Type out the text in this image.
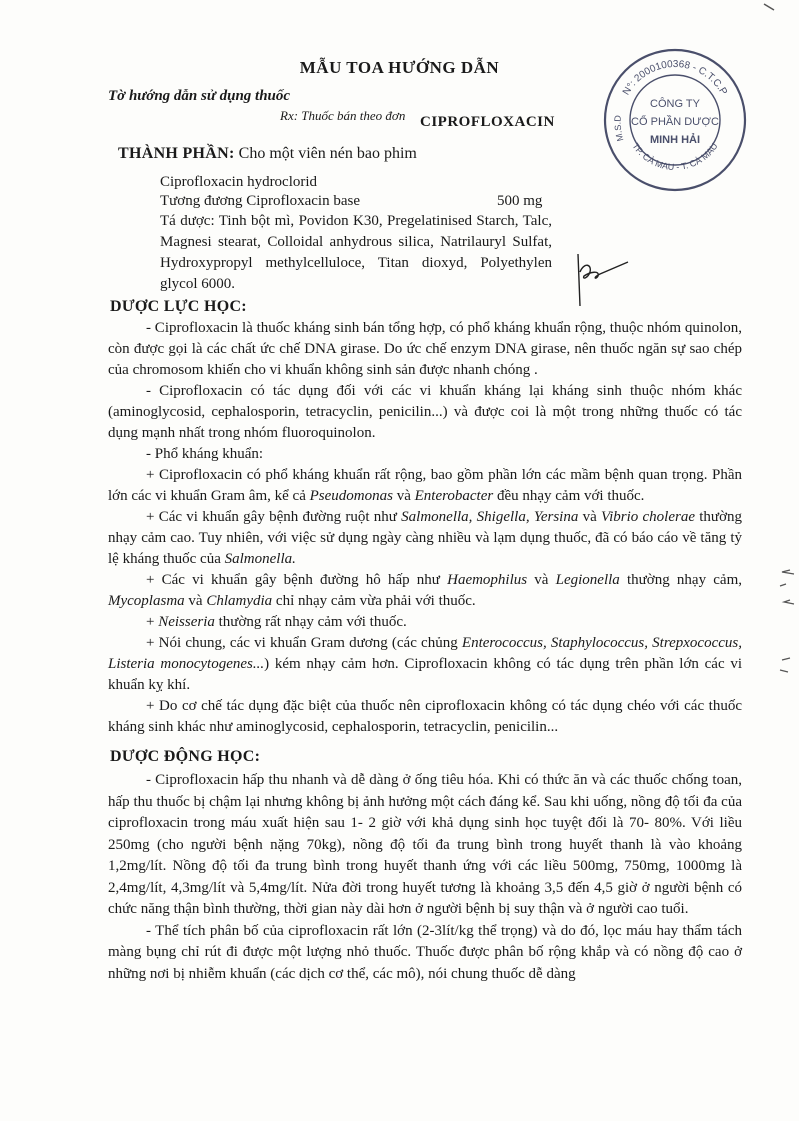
MẪU TOA HƯỚNG DẪN
Tờ hướng dẫn sử dụng thuốc
Rx: Thuốc bán theo đơn CIPROFLOXACIN
N°: 2000100368 - C.T.C.P
M.S.D
TP. CÀ MAU - T. CÀ MAU
CÔNG TY
CỔ PHẦN DƯỢC
MINH HẢI
THÀNH PHẦN: Cho một viên nén bao phim
Ciprofloxacin hydroclorid
Tương đương Ciprofloxacin base	500 mg

Tá dược: Tinh bột mì, Povidon K30, Pregelatinised Starch, Talc, Magnesi stearat, Colloidal anhydrous silica, Natrilauryl Sulfat, Hydroxypropyl methylcelluloce, Titan dioxyd, Polyethylen glycol 6000.

DƯỢC LỰC HỌC:

- Ciprofloxacin là thuốc kháng sinh bán tổng hợp, có phổ kháng khuẩn rộng, thuộc nhóm quinolon, còn được gọi là các chất ức chế DNA girase. Do ức chế enzym DNA girase, nên thuốc ngăn sự sao chép của chromosom khiến cho vi khuẩn không sinh sản được nhanh chóng .

- Ciprofloxacin có tác dụng đối với các vi khuẩn kháng lại kháng sinh thuộc nhóm khác (aminoglycosid, cephalosporin, tetracyclin, penicilin...) và được coi là một trong những thuốc có tác dụng mạnh nhất trong nhóm fluoroquinolon.

- Phổ kháng khuẩn:

+ Ciprofloxacin có phổ kháng khuẩn rất rộng, bao gồm phần lớn các mầm bệnh quan trọng. Phần lớn các vi khuẩn Gram âm, kể cả Pseudomonas và Enterobacter đều nhạy cảm với thuốc.

+ Các vi khuẩn gây bệnh đường ruột như Salmonella, Shigella, Yersina và Vibrio cholerae thường nhạy cảm cao. Tuy nhiên, với việc sử dụng ngày càng nhiều và lạm dụng thuốc, đã có báo cáo về tăng tỷ lệ kháng thuốc của Salmonella.

+ Các vi khuẩn gây bệnh đường hô hấp như Haemophilus và Legionella thường nhạy cảm, Mycoplasma và Chlamydia chỉ nhạy cảm vừa phải với thuốc.

+ Neisseria thường rất nhạy cảm với thuốc.

+ Nói chung, các vi khuẩn Gram dương (các chủng Enterococcus, Staphylococcus, Strepxococcus, Listeria monocytogenes...) kém nhạy cảm hơn. Ciprofloxacin không có tác dụng trên phần lớn các vi khuẩn kỵ khí.

+ Do cơ chế tác dụng đặc biệt của thuốc nên ciprofloxacin không có tác dụng chéo với các thuốc kháng sinh khác như aminoglycosid, cephalosporin, tetracyclin, penicilin...

DƯỢC ĐỘNG HỌC:

- Ciprofloxacin hấp thu nhanh và dễ dàng ở ống tiêu hóa. Khi có thức ăn và các thuốc chống toan, hấp thu thuốc bị chậm lại nhưng không bị ảnh hưởng một cách đáng kể. Sau khi uống, nồng độ tối đa của ciprofloxacin trong máu xuất hiện sau 1- 2 giờ với khả dụng sinh học tuyệt đối là 70- 80%. Với liều 250mg (cho người bệnh nặng 70kg), nồng độ tối đa trung bình trong huyết thanh là vào khoảng 1,2mg/lít. Nồng độ tối đa trung bình trong huyết thanh ứng với các liều 500mg, 750mg, 1000mg là 2,4mg/lít, 4,3mg/lít và 5,4mg/lít. Nửa đời trong huyết tương là khoảng 3,5 đến 4,5 giờ ở người bệnh có chức năng thận bình thường, thời gian này dài hơn ở người bệnh bị suy thận và ở người cao tuổi.

- Thể tích phân bố của ciprofloxacin rất lớn (2-3lít/kg thể trọng) và do đó, lọc máu hay thẩm tách màng bụng chỉ rút đi được một lượng nhỏ thuốc. Thuốc được phân bố rộng khắp và có nồng độ cao ở những nơi bị nhiễm khuẩn (các dịch cơ thể, các mô), nói chung thuốc dễ dàng
